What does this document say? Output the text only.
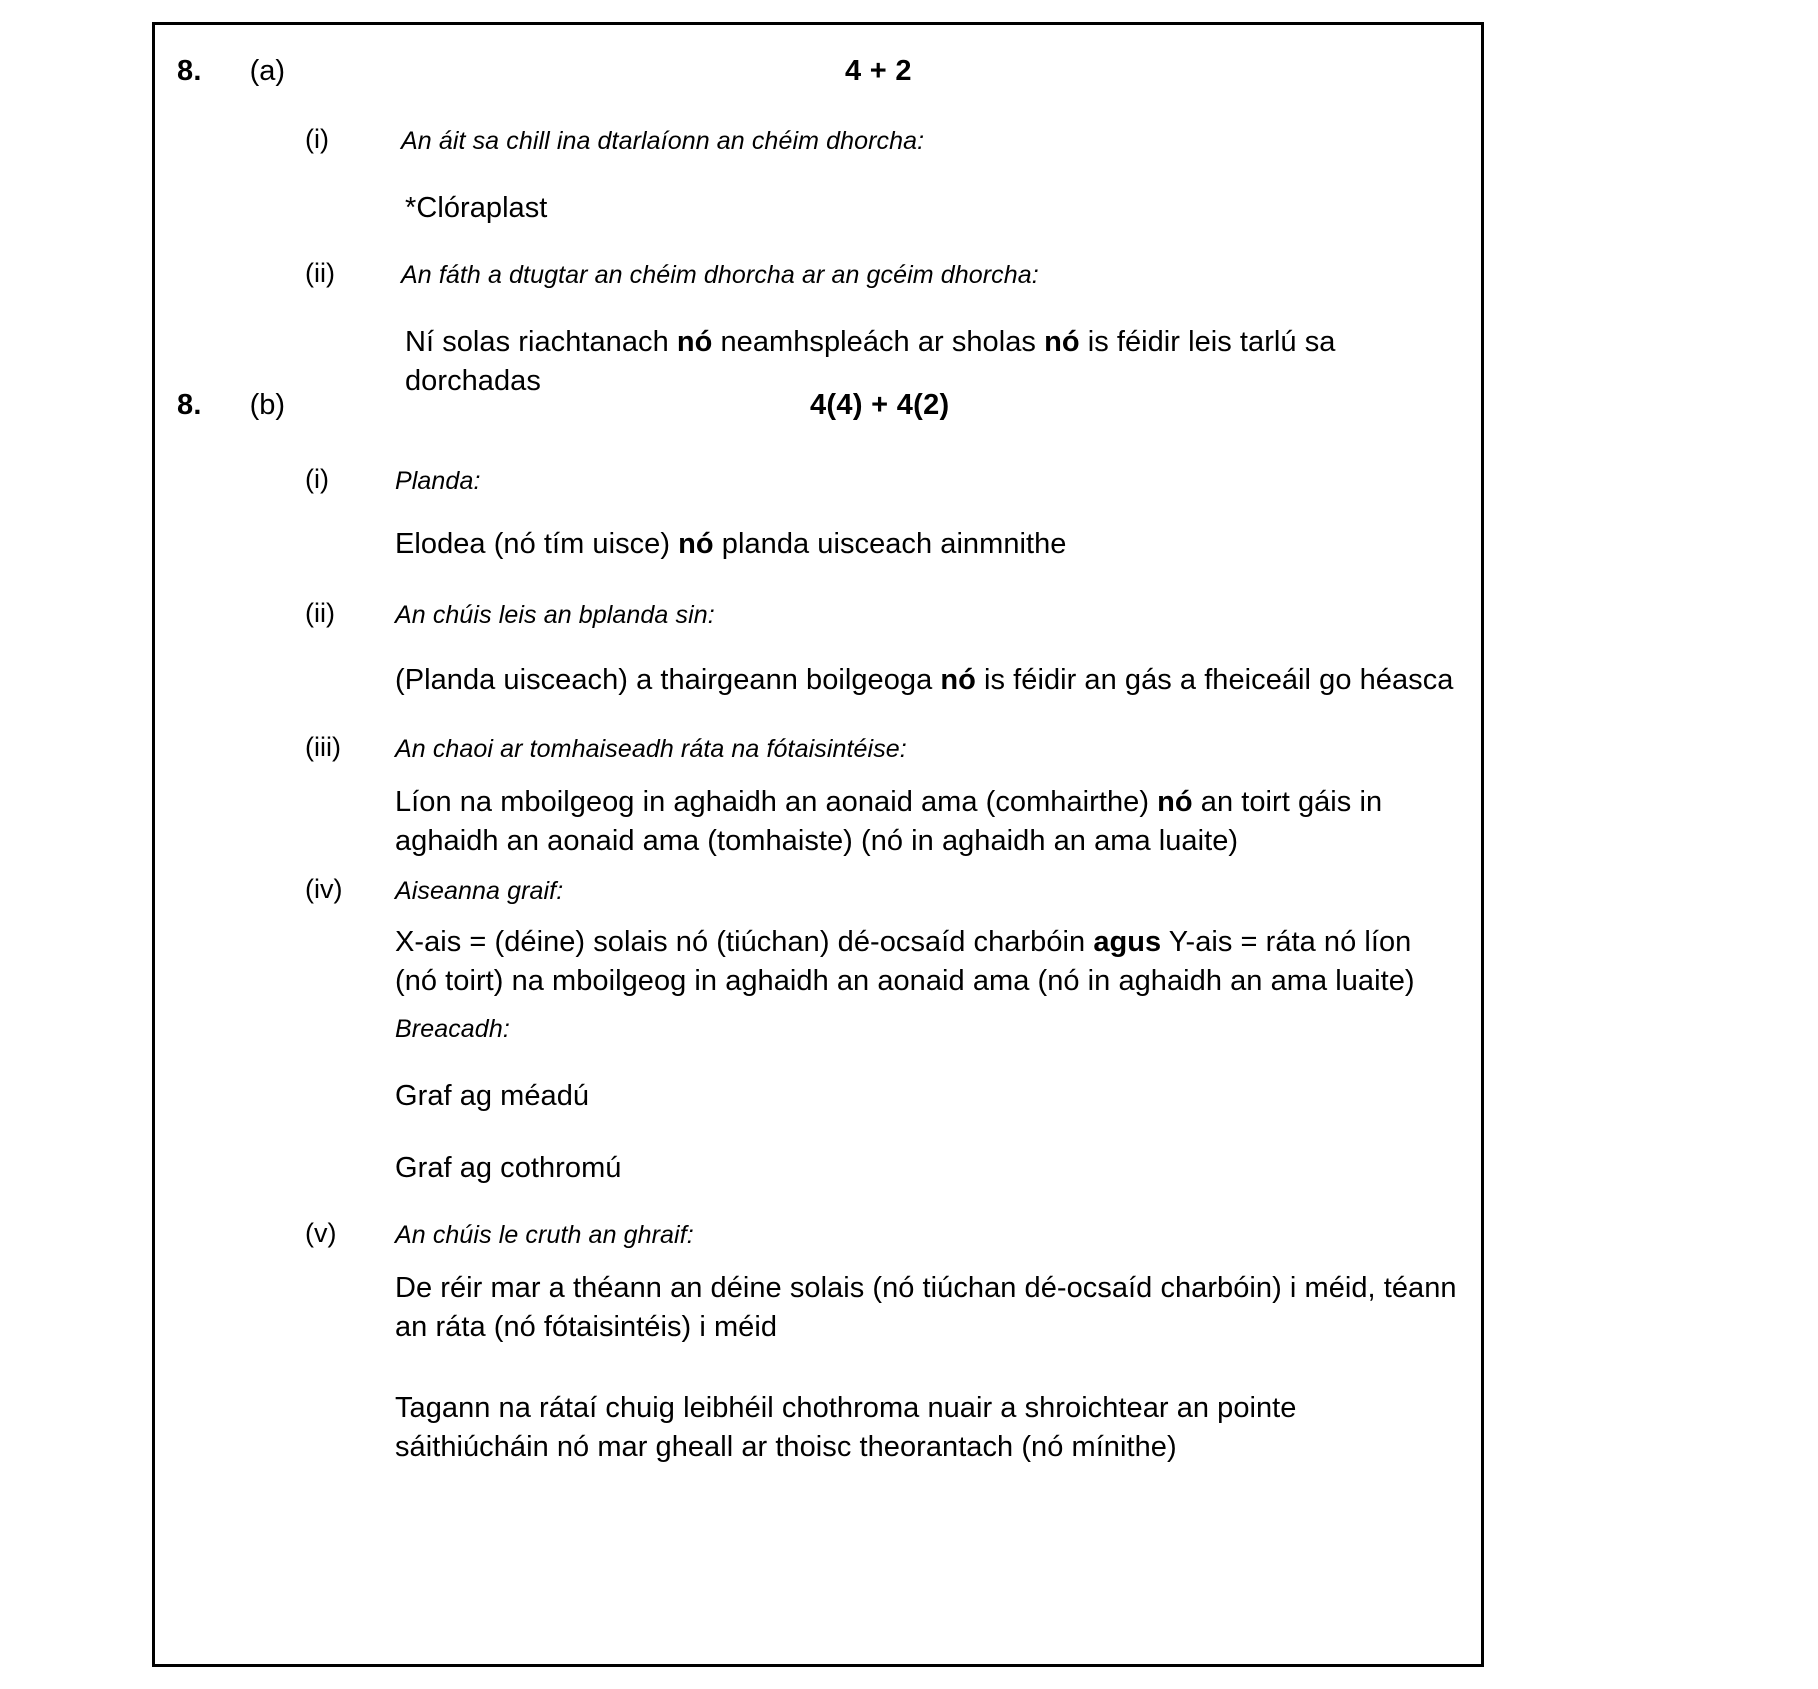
8. (a)	4 + 2
(i)	An áit sa chill ina dtarlaíonn an chéim dhorcha:
*Clóraplast
(ii)	An fáth a dtugtar an chéim dhorcha ar an gcéim dhorcha:
Ní solas riachtanach nó neamhspleách ar sholas nó is féidir leis tarlú sa dorchadas
8. (b)	4(4) + 4(2)
(i)	Planda:
Elodea (nó tím uisce) nó planda uisceach ainmnithe
(ii) An chúis leis an bplanda sin:
(Planda uisceach) a thairgeann boilgeoga nó is féidir an gás a fheiceáil go héasca
(iii) An chaoi ar tomhaiseadh ráta na fótaisintéise:
Líon na mboilgeog in aghaidh an aonaid ama (comhairthe) nó an toirt gáis in aghaidh an aonaid ama (tomhaiste) (nó in aghaidh an ama luaite)
(iv) Aiseanna graif:
X-ais = (déine) solais nó (tiúchan) dé-ocsaíd charbóin agus Y-ais = ráta nó líon (nó toirt) na mboilgeog in aghaidh an aonaid ama (nó in aghaidh an ama luaite)
Breacadh:
Graf ag méadú
Graf ag cothromú
(v) An chúis le cruth an ghraif:
De réir mar a théann an déine solais (nó tiúchan dé-ocsaíd charbóin) i méid, téann an ráta (nó fótaisintéis) i méid
Tagann na rátaí chuig leibhéil chothroma nuair a shroichtear an pointe sáithiúcháin nó mar gheall ar thoisc theorantach (nó mínithe)
